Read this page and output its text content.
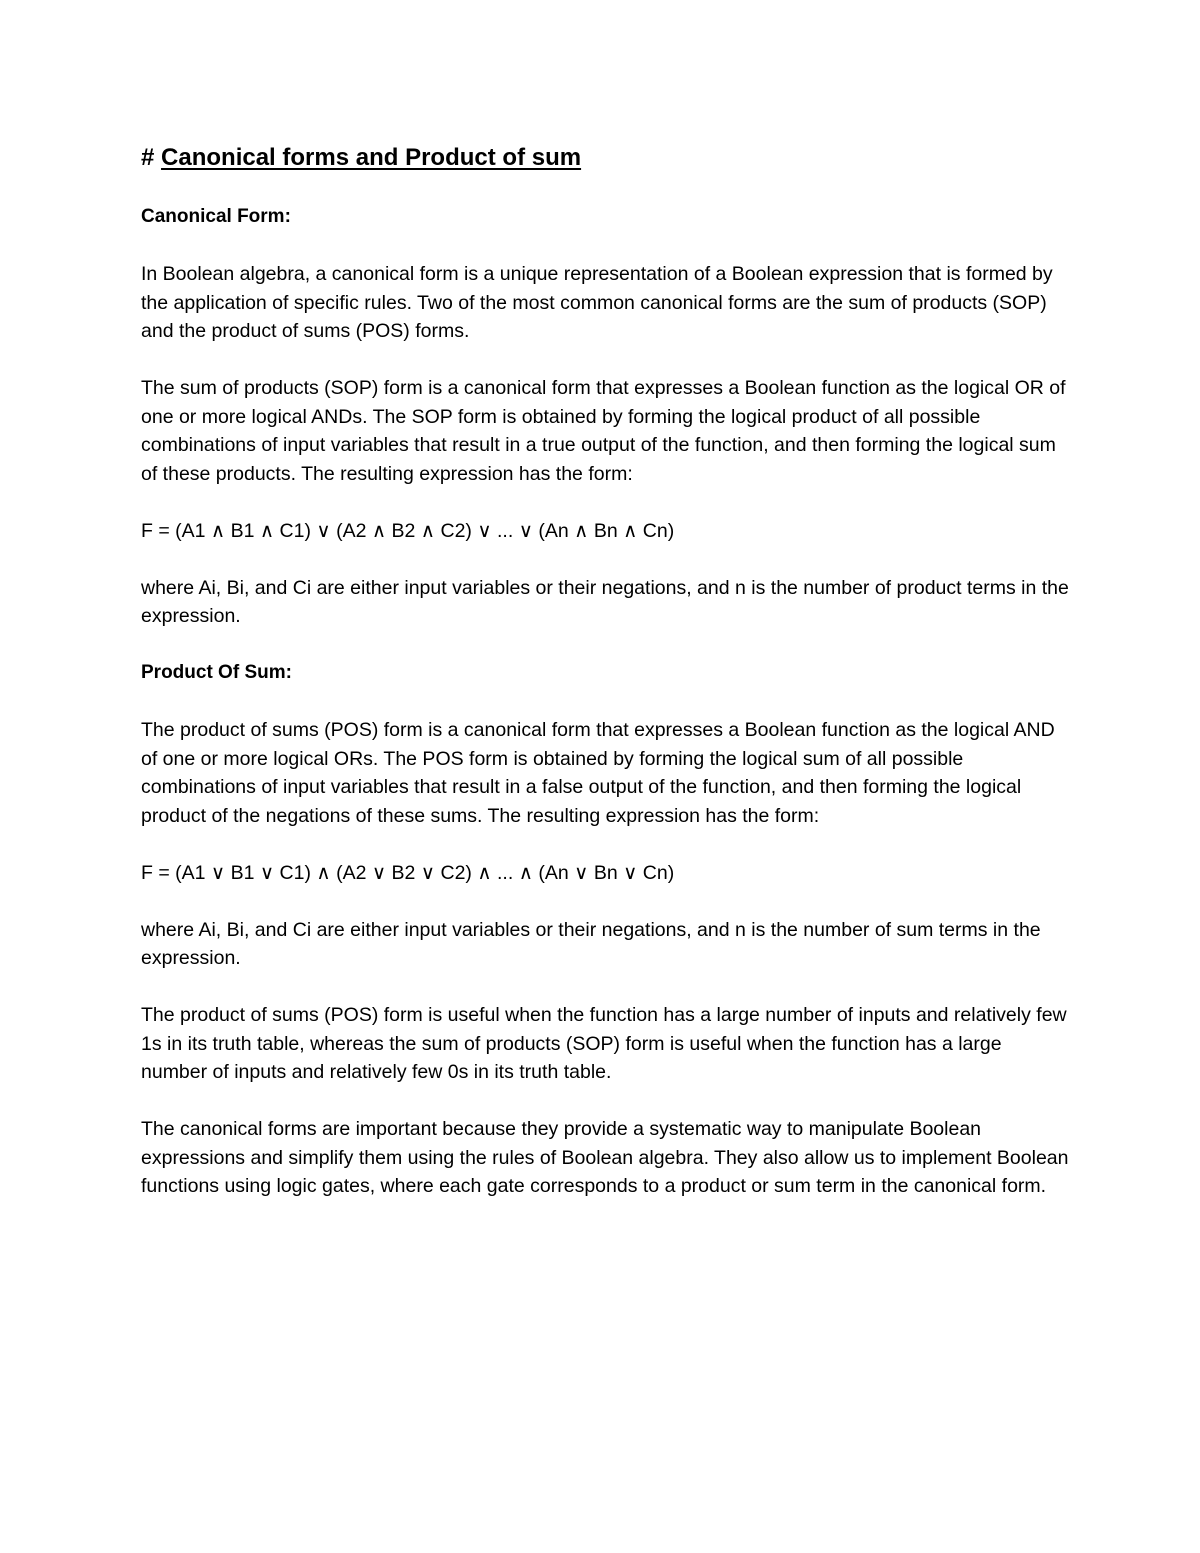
# Canonical forms and Product of sum
Canonical Form:

In Boolean algebra, a canonical form is a unique representation of a Boolean expression that is formed by the application of specific rules. Two of the most common canonical forms are the sum of products (SOP) and the product of sums (POS) forms.

The sum of products (SOP) form is a canonical form that expresses a Boolean function as the logical OR of one or more logical ANDs. The SOP form is obtained by forming the logical product of all possible combinations of input variables that result in a true output of the function, and then forming the logical sum of these products. The resulting expression has the form:

F = (A1 ∧ B1 ∧ C1) ∨ (A2 ∧ B2 ∧ C2) ∨ ... ∨ (An ∧ Bn ∧ Cn)

where Ai, Bi, and Ci are either input variables or their negations, and n is the number of product terms in the expression.

Product Of Sum:

The product of sums (POS) form is a canonical form that expresses a Boolean function as the logical AND of one or more logical ORs. The POS form is obtained by forming the logical sum of all possible combinations of input variables that result in a false output of the function, and then forming the logical product of the negations of these sums. The resulting expression has the form:

F = (A1 ∨ B1 ∨ C1) ∧ (A2 ∨ B2 ∨ C2) ∧ ... ∧ (An ∨ Bn ∨ Cn)

where Ai, Bi, and Ci are either input variables or their negations, and n is the number of sum terms in the expression.

The product of sums (POS) form is useful when the function has a large number of inputs and relatively few 1s in its truth table, whereas the sum of products (SOP) form is useful when the function has a large number of inputs and relatively few 0s in its truth table.

The canonical forms are important because they provide a systematic way to manipulate Boolean expressions and simplify them using the rules of Boolean algebra. They also allow us to implement Boolean functions using logic gates, where each gate corresponds to a product or sum term in the canonical form.
